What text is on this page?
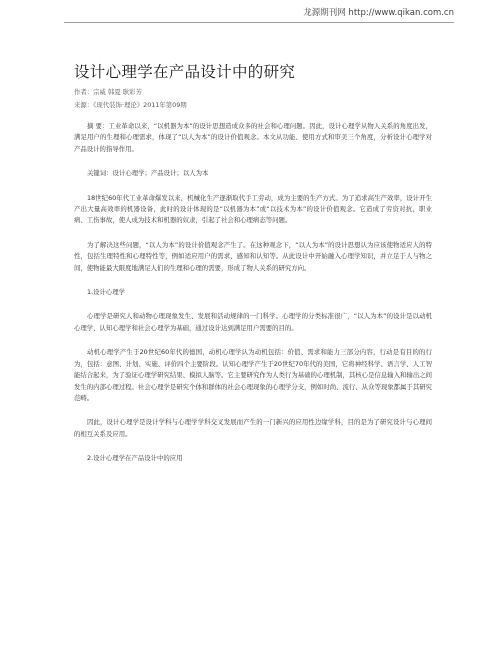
龙源期刊网 http://www.qikan.com.cn
设计心理学在产品设计中的研究
作者：宗威 韩夏 耿彩芳
来源：《现代装饰·理论》2011年第09期

摘 要：工业革命以来，“以机器为本”的设计思想造成众多的社会和心理问题。因此，设计心理学从物人关系的角度出发，满足用户的生理和心理需求，体现了“以人为本”的设计价值观念。本文从功能、使用方式和审美三个角度，分析设计心理学对产品设计的指导作用。

关键词：设计心理学；产品设计；以人为本

18世纪60年代工业革命爆发以来，机械化生产逐渐取代手工劳动，成为主要的生产方式。为了追求高生产效率，设计开生产出大量高效率的机器设备，此时的设计体现的是“以机器为本”或“以技术为本”的设计价值观念。它造成了劳资对抗、职业病、工伤事故，使人成为技术和机器的奴隶，引起了社会和心理病态等问题。

为了解决这些问题，“以人为本”的设计价值观念产生了。在这种观念下，“以人为本”的设计思想认为应该使物适应人的特性，包括生理特性和心理特性等，例如适应用户的需求、感知和认知等。从此设计中开始融入心理学知识，并立足于人与物之间，使物能最大限度地满足人们的生理和心理的需要，形成了物人关系的研究方向。

1.设计心理学

心理学是研究人和动物心理现象发生、发展和活动规律的一门科学。心理学的分类标准很广，“以人为本”的设计是以动机心理学、认知心理学和社会心理学为基础，通过设计达到满足用户需要的目的。

动机心理学产生于20世纪60年代的德国，动机心理学认为动机包括：价值、需求和能力三部分内容，行动是有目的的行为，包括：意图、计划、实施、评价四个主要阶段。认知心理学产生于20世纪70年代的美国，它将神经科学、语言学、人工智能结合起来，为了验证心理学研究结果、模拟人脑等。它主要研究作为人类行为基础的心理机制，其核心是信息输入和输出之间发生的内部心理过程。社会心理学是研究个体和群体的社会心理现象的心理学分支，例如时尚、流行、从众等现象都属于其研究范畴。

因此，设计心理学是设计学科与心理学学科交叉发展而产生的一门新兴的应用性边缘学科，目的是为了研究设计与心理间的相互关系及应用。

2.设计心理学在产品设计中的应用
